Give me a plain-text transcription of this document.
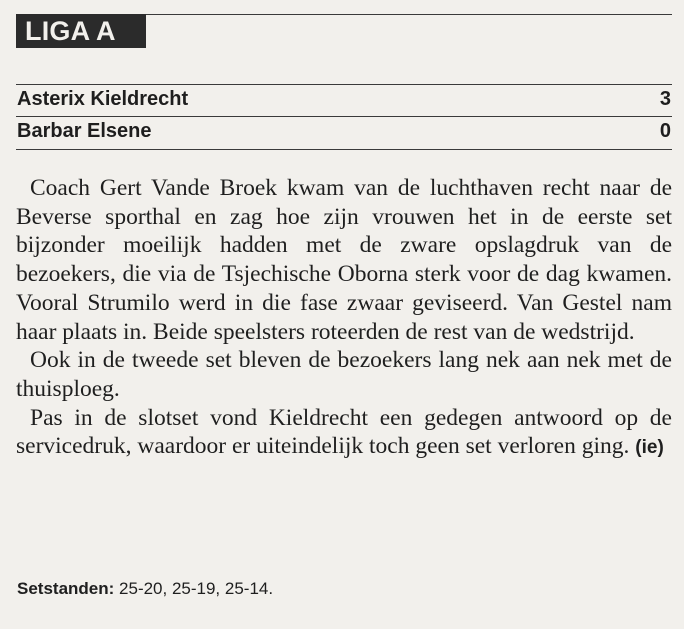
LIGA A
Asterix Kieldrecht	3
Barbar Elsene	0

Coach Gert Vande Broek kwam van de luchthaven recht naar de Beverse sporthal en zag hoe zijn vrouwen het in de eerste set bijzonder moeilijk hadden met de zware opslagdruk van de bezoekers, die via de Tsjechische Oborna sterk voor de dag kwamen. Vooral Strumilo werd in die fase zwaar geviseerd. Van Gestel nam haar plaats in. Beide speelsters roteerden de rest van de wedstrijd.

Ook in de tweede set bleven de bezoekers lang nek aan nek met de thuisploeg.

Pas in de slotset vond Kieldrecht een gedegen antwoord op de servicedruk, waardoor er uiteindelijk toch geen set verloren ging. (ie)

Setstanden: 25-20, 25-19, 25-14.
